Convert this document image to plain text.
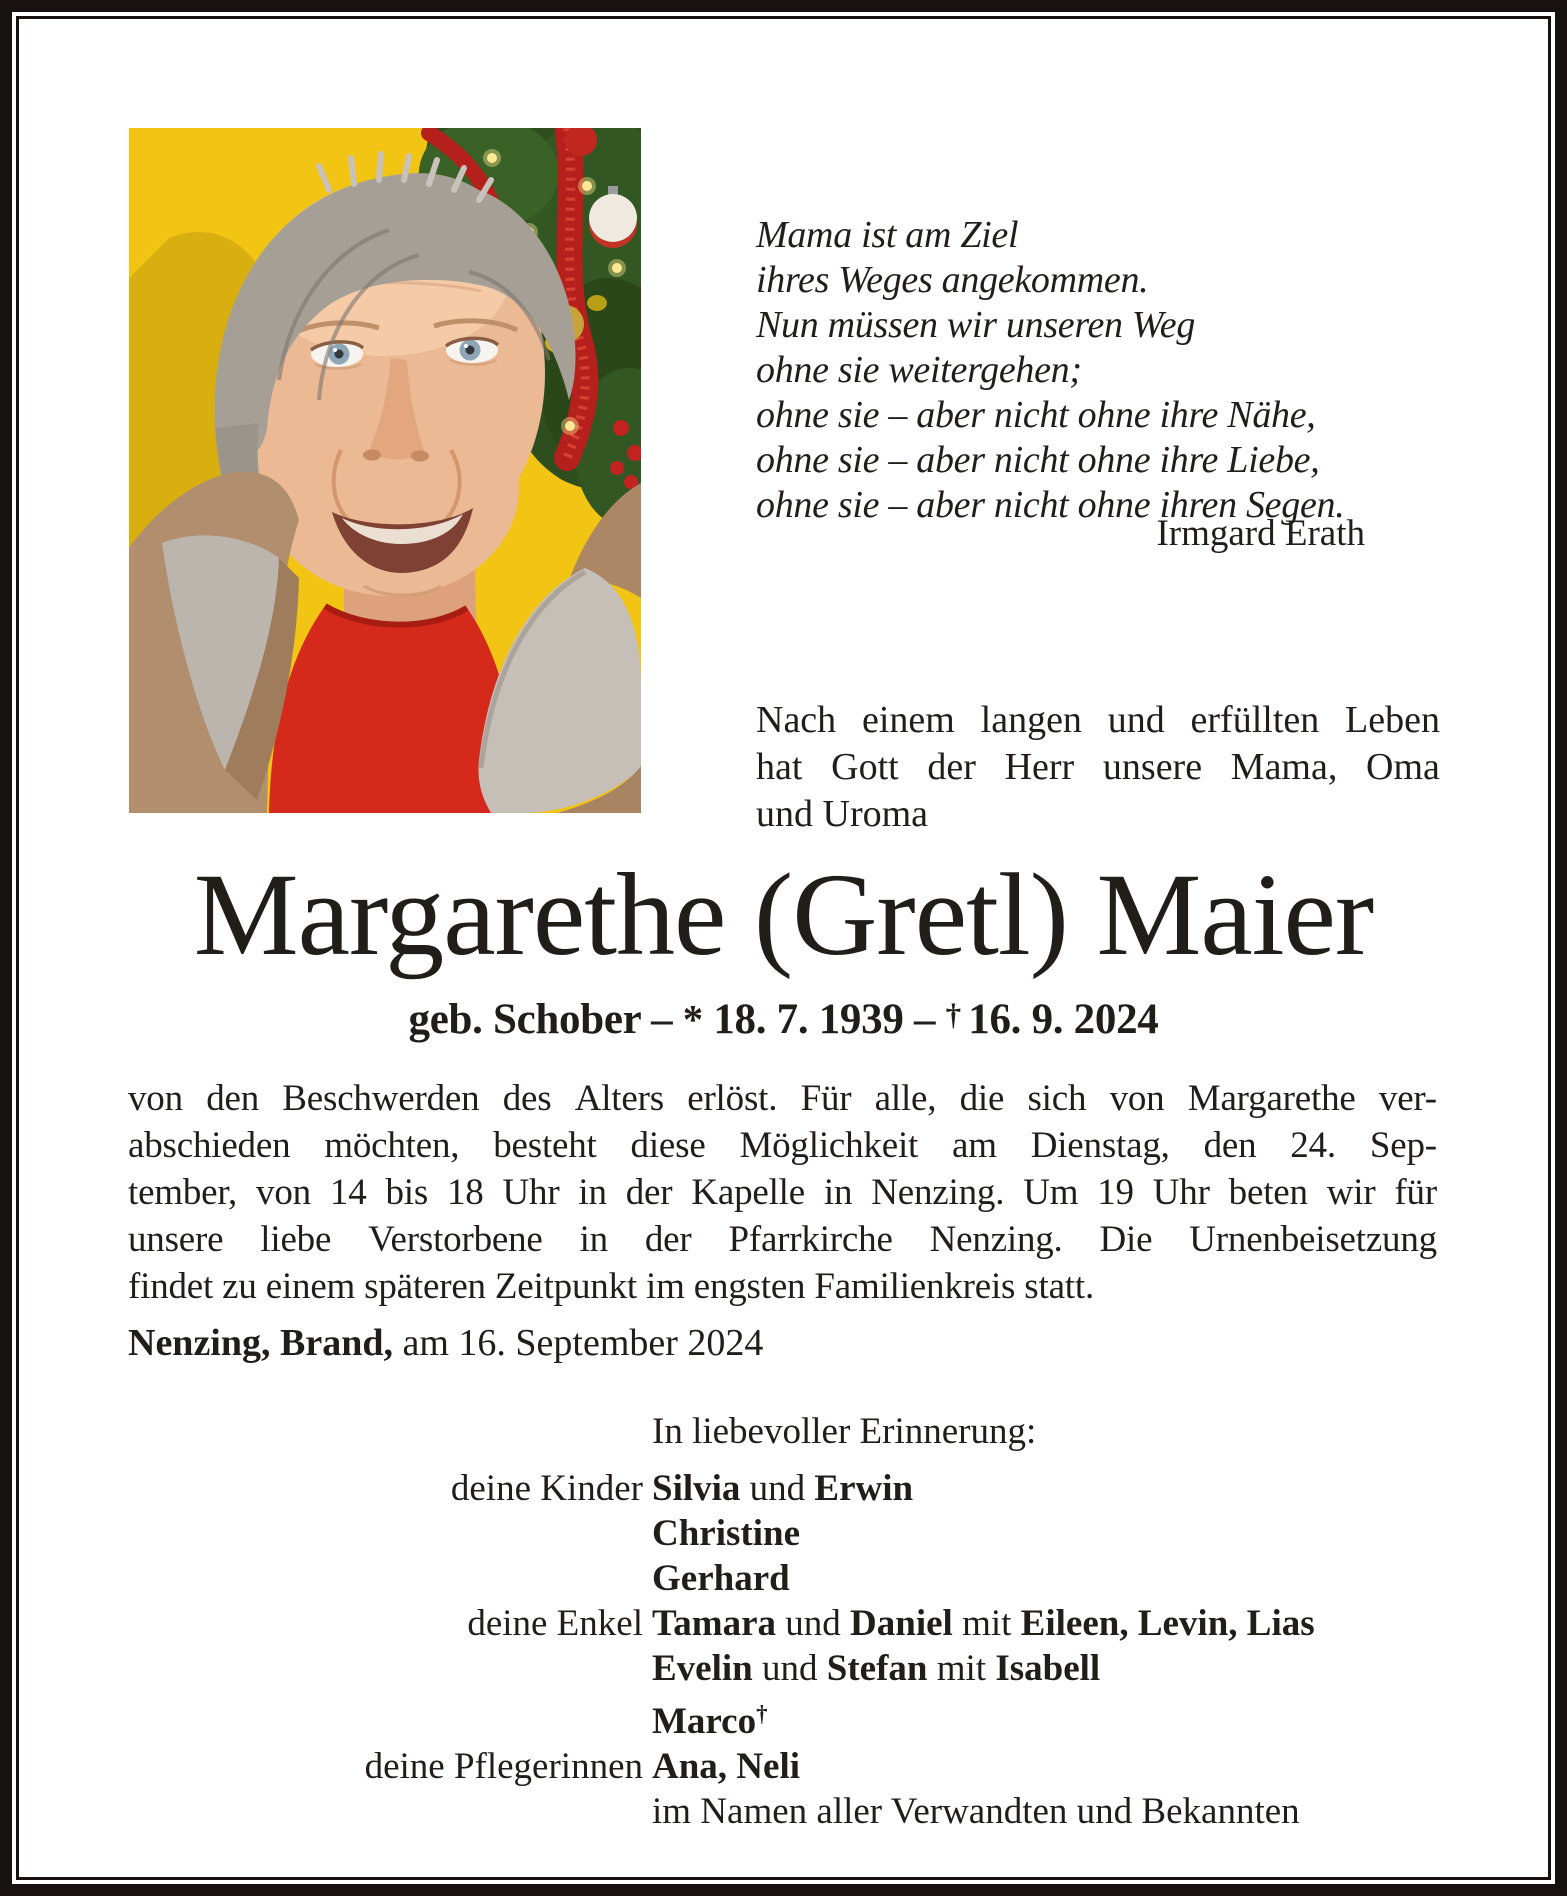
Mama ist am Ziel
ihres Weges angekommen.
Nun müssen wir unseren Weg
ohne sie weitergehen;
ohne sie – aber nicht ohne ihre Nähe,
ohne sie – aber nicht ohne ihre Liebe,
ohne sie – aber nicht ohne ihren Segen.
Irmgard Erath
Nach einem langen und erfüllten Leben
hat Gott der Herr unsere Mama, Oma
und Uroma
Margarethe (Gretl) Maier
geb. Schober – * 18. 7. 1939 – † 16. 9. 2024
von den Beschwerden des Alters erlöst. Für alle, die sich von Margarethe ver-
abschieden möchten, besteht diese Möglichkeit am Dienstag, den 24. Sep-
tember, von 14 bis 18 Uhr in der Kapelle in Nenzing. Um 19 Uhr beten wir für
unsere liebe Verstorbene in der Pfarrkirche Nenzing. Die Urnenbeisetzung
findet zu einem späteren Zeitpunkt im engsten Familienkreis statt.
Nenzing, Brand, am 16. September 2024
In liebevoller Erinnerung:
deine Kinder Silvia und Erwin
Christine
Gerhard
deine Enkel Tamara und Daniel mit Eileen, Levin, Lias
Evelin und Stefan mit Isabell
Marco†
deine Pflegerinnen Ana, Neli
im Namen aller Verwandten und Bekannten
